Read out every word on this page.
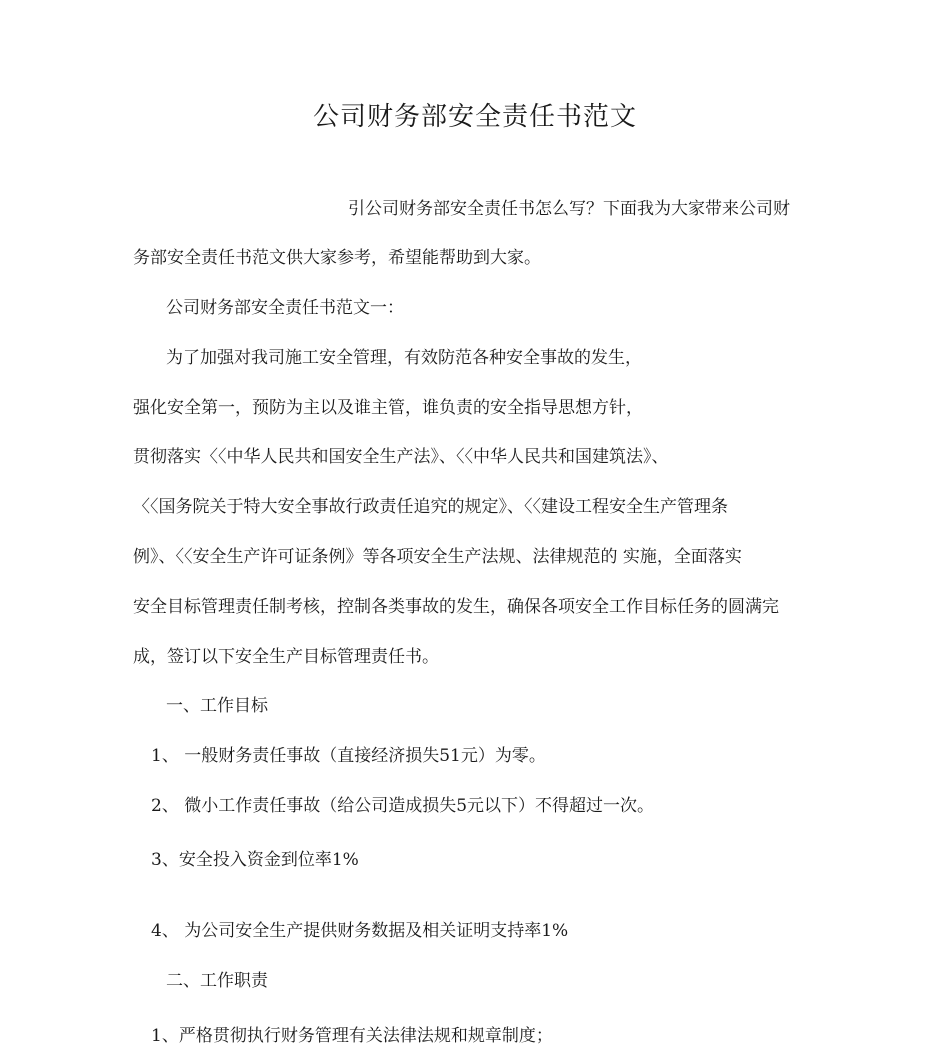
公司财务部安全责任书范文
引公司财务部安全责任书怎么写？下面我为大家带来公司财
务部安全责任书范文供大家参考，希望能帮助到大家。
公司财务部安全责任书范文一：
为了加强对我司施工安全管理，有效防范各种安全事故的发生，
强化安全第一，预防为主以及谁主管，谁负责的安全指导思想方针，
贯彻落实〈〈中华人民共和国安全生产法》、〈〈中华人民共和国建筑法》、
〈〈国务院关于特大安全事故行政责任追究的规定》、〈〈建设工程安全生产管理条
例》、〈〈安全生产许可证条例》等各项安全生产法规、法律规范的 实施，全面落实
安全目标管理责任制考核，控制各类事故的发生，确保各项安全工作目标任务的圆满完
成，签订以下安全生产目标管理责任书。
一、工作目标
1、 一般财务责任事故（直接经济损失51元）为零。
2、 微小工作责任事故（给公司造成损失5元以下）不得超过一次。
3、安全投入资金到位率1%
4、 为公司安全生产提供财务数据及相关证明支持率1%
二、工作职责
1、严格贯彻执行财务管理有关法律法规和规章制度；
